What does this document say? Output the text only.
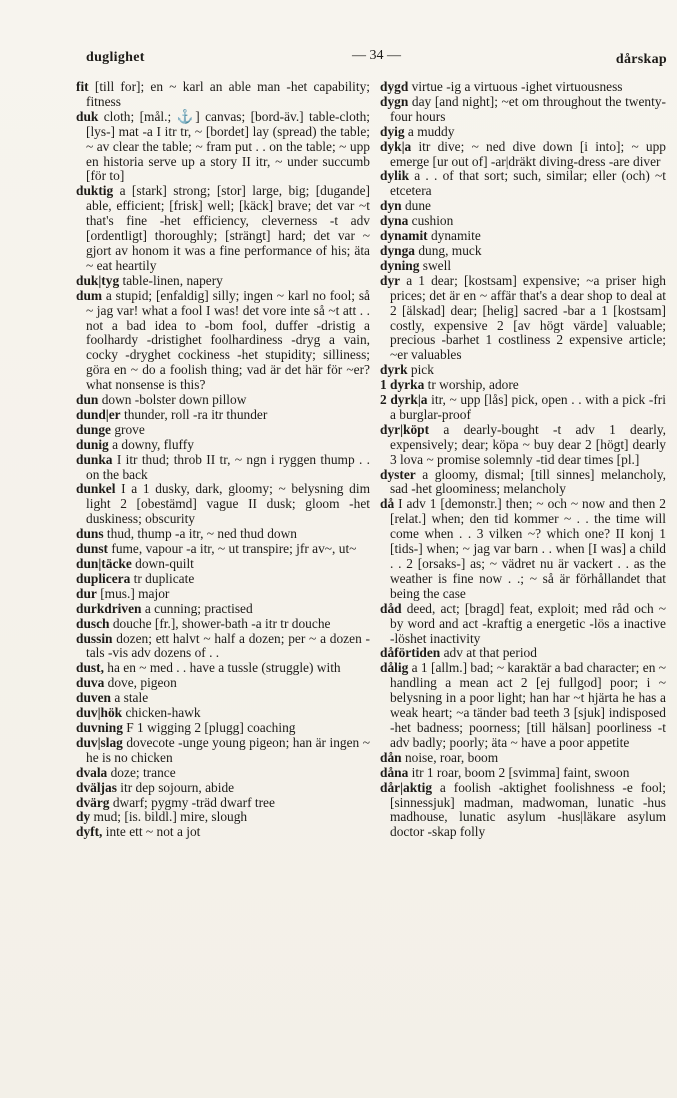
duglighet	— 34 —	dårskap

fit [till for]; en ~ karl an able man -het capability; fitness

duk cloth; [mål.; ⚓] canvas; [bord-äv.] table-cloth; [lys-] mat -a I itr tr, ~ [bordet] lay (spread) the table; ~ av clear the table; ~ fram put . . on the table; ~ upp en historia serve up a story II itr, ~ under succumb [för to]

duktig a [stark] strong; [stor] large, big; [dugande] able, efficient; [frisk] well; [käck] brave; det var ~t that's fine -het efficiency, cleverness -t adv [ordentligt] thoroughly; [strängt] hard; det var ~ gjort av honom it was a fine performance of his; äta ~ eat heartily

duk|tyg table-linen, napery

dum a stupid; [enfaldig] silly; ingen ~ karl no fool; så ~ jag var! what a fool I was! det vore inte så ~t att . . not a bad idea to -bom fool, duffer -dristig a foolhardy -dristighet foolhardiness -dryg a vain, cocky -dryghet cockiness -het stupidity; silliness; göra en ~ do a foolish thing; vad är det här för ~er? what nonsense is this?

dun down -bolster down pillow

dund|er thunder, roll -ra itr thunder

dunge grove

dunig a downy, fluffy

dunka I itr thud; throb II tr, ~ ngn i ryggen thump . . on the back

dunkel I a 1 dusky, dark, gloomy; ~ belysning dim light 2 [obestämd] vague II dusk; gloom -het duskiness; obscurity

duns thud, thump -a itr, ~ ned thud down

dunst fume, vapour -a itr, ~ ut transpire; jfr av~, ut~

dun|täcke down-quilt

duplicera tr duplicate

dur [mus.] major

durkdriven a cunning; practised

dusch douche [fr.], shower-bath -a itr tr douche

dussin dozen; ett halvt ~ half a dozen; per ~ a dozen -tals -vis adv dozens of . .

dust, ha en ~ med . . have a tussle (struggle) with

duva dove, pigeon

duven a stale

duv|hök chicken-hawk

duvning F 1 wigging 2 [plugg] coaching

duv|slag dovecote -unge young pigeon; han är ingen ~ he is no chicken

dvala doze; trance

dväljas itr dep sojourn, abide

dvärg dwarf; pygmy -träd dwarf tree

dy mud; [is. bildl.] mire, slough

dyft, inte ett ~ not a jot

dygd virtue -ig a virtuous -ighet virtuousness

dygn day [and night]; ~et om throughout the twenty-four hours

dyig a muddy

dyk|a itr dive; ~ ned dive down [i into]; ~ upp emerge [ur out of] -ar|dräkt diving-dress -are diver

dylik a . . of that sort; such, similar; eller (och) ~t etcetera

dyn dune

dyna cushion

dynamit dynamite

dynga dung, muck

dyning swell

dyr a 1 dear; [kostsam] expensive; ~a priser high prices; det är en ~ affär that's a dear shop to deal at 2 [älskad] dear; [helig] sacred -bar a 1 [kostsam] costly, expensive 2 [av högt värde] valuable; precious -barhet 1 costliness 2 expensive article; ~er valuables

dyrk pick

1 dyrka tr worship, adore

2 dyrk|a itr, ~ upp [lås] pick, open . . with a pick -fri a burglar-proof

dyr|köpt a dearly-bought -t adv 1 dearly, expensively; dear; köpa ~ buy dear 2 [högt] dearly 3 lova ~ promise solemnly -tid dear times [pl.]

dyster a gloomy, dismal; [till sinnes] melancholy, sad -het gloominess; melancholy

då I adv 1 [demonstr.] then; ~ och ~ now and then 2 [relat.] when; den tid kommer ~ . . the time will come when . . 3 vilken ~? which one? II konj 1 [tids-] when; ~ jag var barn . . when [I was] a child . . 2 [orsaks-] as; ~ vädret nu är vackert . . as the weather is fine now . .; ~ så är förhållandet that being the case

dåd deed, act; [bragd] feat, exploit; med råd och ~ by word and act -kraftig a energetic -lös a inactive -löshet inactivity

dåförtiden adv at that period

dålig a 1 [allm.] bad; ~ karaktär a bad character; en ~ handling a mean act 2 [ej fullgod] poor; i ~ belysning in a poor light; han har ~t hjärta he has a weak heart; ~a tänder bad teeth 3 [sjuk] indisposed -het badness; poorness; [till hälsan] poorliness -t adv badly; poorly; äta ~ have a poor appetite

dån noise, roar, boom

dåna itr 1 roar, boom 2 [svimma] faint, swoon

dår|aktig a foolish -aktighet foolishness -e fool; [sinnessjuk] madman, madwoman, lunatic -hus madhouse, lunatic asylum -hus|läkare asylum doctor -skap folly
